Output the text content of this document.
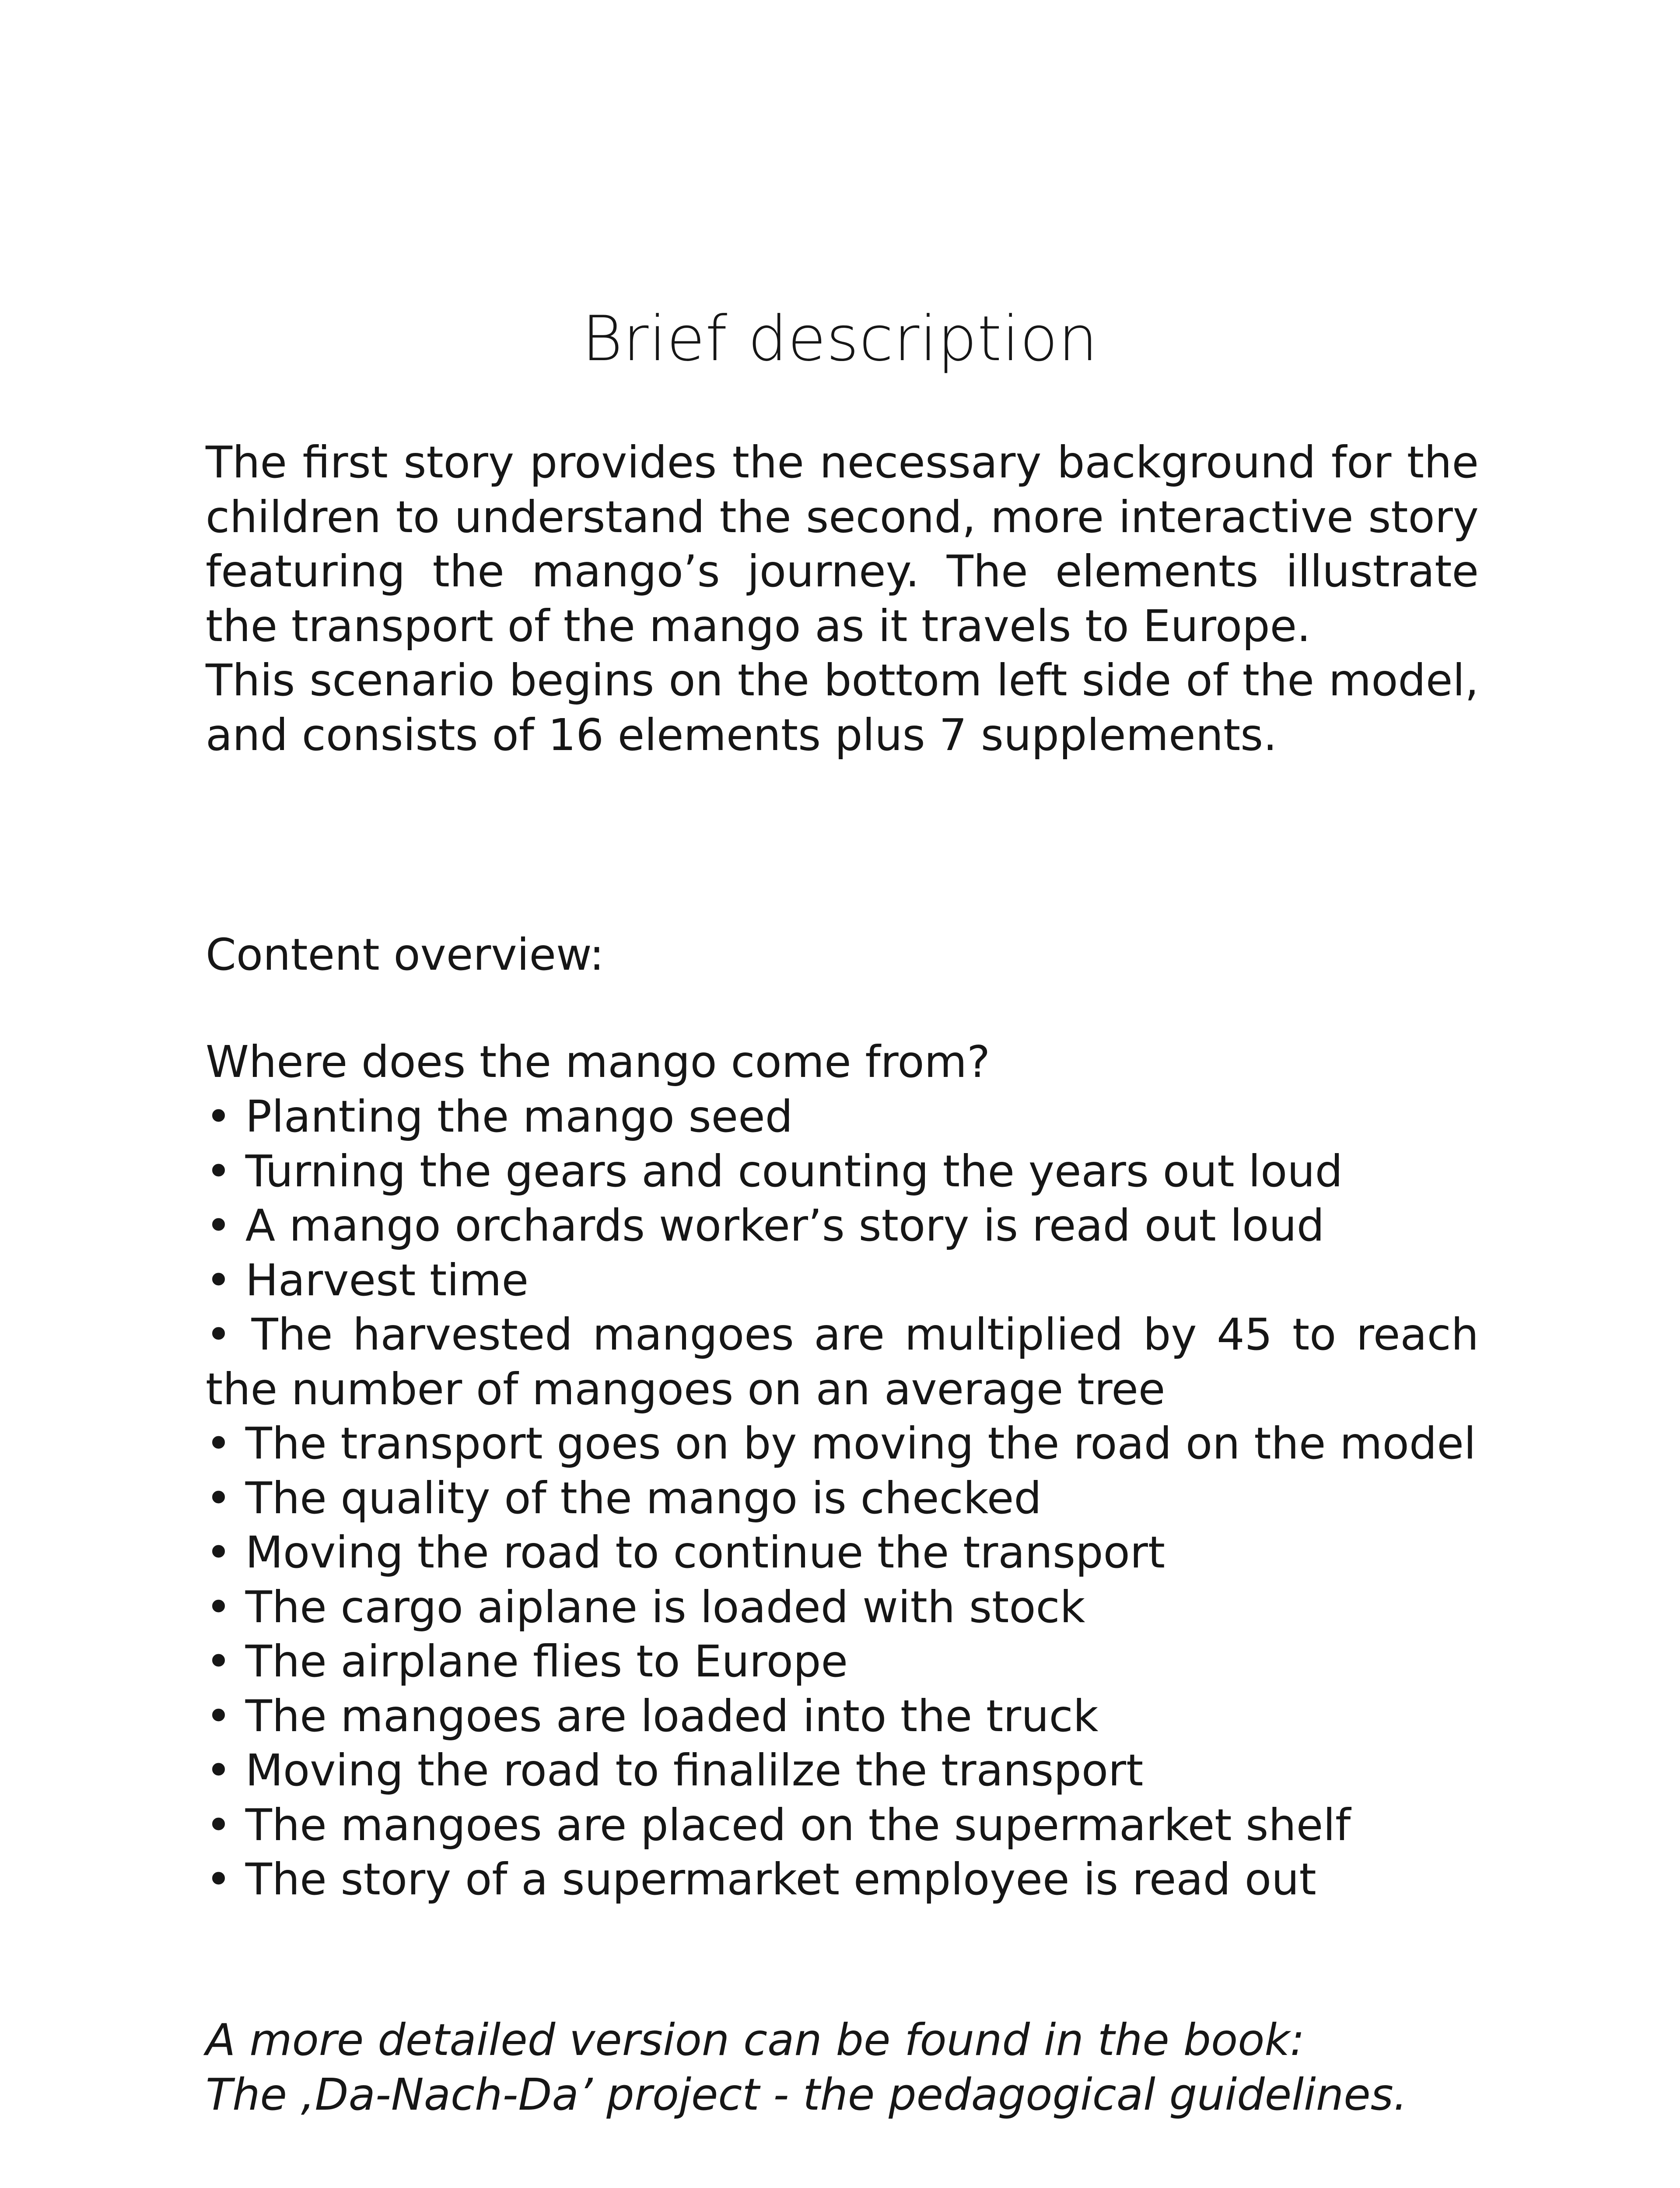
Brief description

The first story provides the necessary background for the children to understand the second, more interactive story featuring the mango’s journey. The elements illustrate the transport of the mango as it travels to Europe.

This scenario begins on the bottom left side of the model, and consists of 16 elements plus 7 supplements.

Content overview:

Where does the mango come from?

• Planting the mango seed
• Turning the gears and counting the years out loud
• A mango orchards worker’s story is read out loud
• Harvest time
• The harvested mangoes are multiplied by 45 to reach the number of mangoes on an average tree
• The transport goes on by moving the road on the model
• The quality of the mango is checked
• Moving the road to continue the transport
• The cargo aiplane is loaded with stock
• The airplane flies to Europe
• The mangoes are loaded into the truck
• Moving the road to finalilze the transport
• The mangoes are placed on the supermarket shelf
• The story of a supermarket employee is read out

A more detailed version can be found in the book:
The ‚Da-Nach-Da’ project - the pedagogical guidelines.
